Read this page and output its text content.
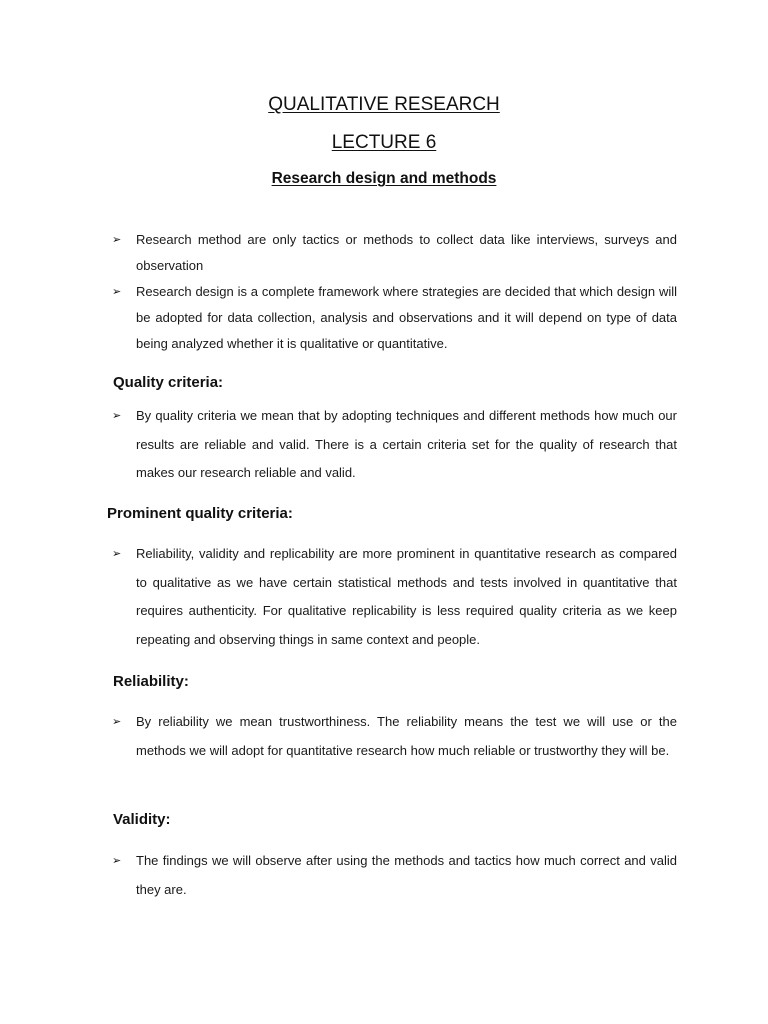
QUALITATIVE RESEARCH
LECTURE 6
Research design and methods
➢ Research method are only tactics or methods to collect data like interviews, surveys and observation
➢ Research design is a complete framework where strategies are decided that which design will be adopted for data collection, analysis and observations and it will depend on type of data being analyzed whether it is qualitative or quantitative.
Quality criteria:
➢ By quality criteria we mean that by adopting techniques and different methods how much our results are reliable and valid. There is a certain criteria set for the quality of research that makes our research reliable and valid.
Prominent quality criteria:
➢ Reliability, validity and replicability are more prominent in quantitative research as compared to qualitative as we have certain statistical methods and tests involved in quantitative that requires authenticity. For qualitative replicability is less required quality criteria as we keep repeating and observing things in same context and people.
Reliability:
➢ By reliability we mean trustworthiness. The reliability means the test we will use or the methods we will adopt for quantitative research how much reliable or trustworthy they will be.
Validity:
➢ The findings we will observe after using the methods and tactics how much correct and valid they are.
